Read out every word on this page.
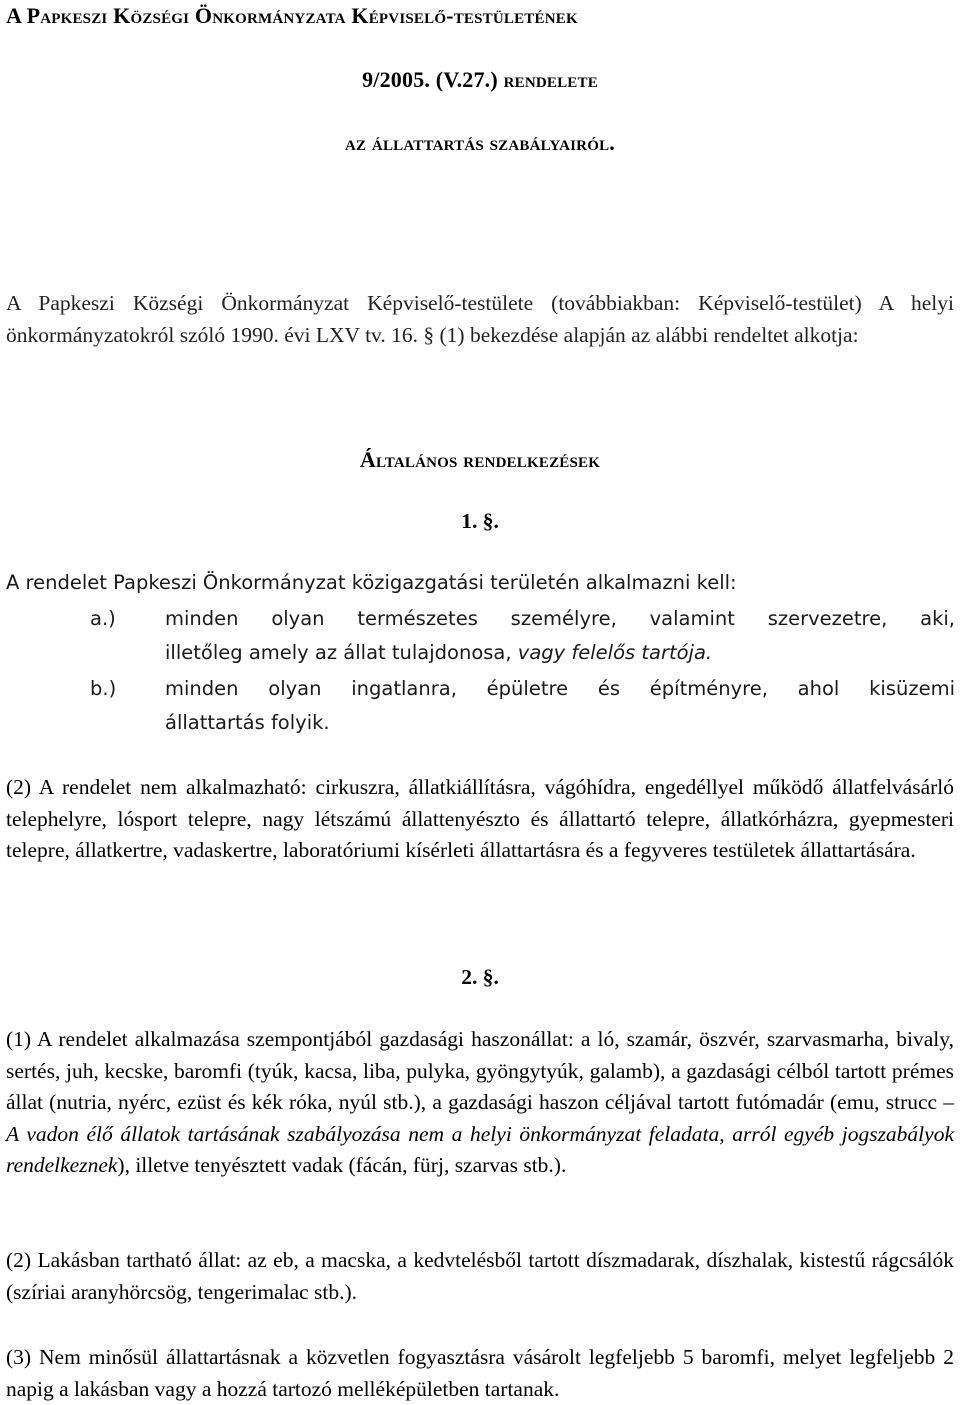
A Papkeszi Községi Önkormányzata Képviselő-testületének
9/2005. (V.27.) rendelete
az állattartás szabályairól.
A Papkeszi Községi Önkormányzat Képviselő-testülete (továbbiakban: Képviselő-testület) A helyi önkormányzatokról szóló 1990. évi LXV tv. 16. § (1) bekezdése alapján az alábbi rendeltet alkotja:
Általános rendelkezések
1. §.
A rendelet Papkeszi Önkormányzat közigazgatási területén alkalmazni kell:
a.)	minden olyan természetes személyre, valamint szervezetre, aki,
illetőleg amely az állat tulajdonosa, vagy felelős tartója.
b.)	minden olyan ingatlanra, épületre és építményre, ahol kisüzemi
állattartás folyik.
(2) A rendelet nem alkalmazható: cirkuszra, állatkiállításra, vágóhídra, engedéllyel működő állatfelvásárló telephelyre, lósport telepre, nagy létszámú állattenyészto és állattartó telepre, állatkórházra, gyepmesteri telepre, állatkertre, vadaskertre, laboratóriumi kísérleti állattartásra és a fegyveres testületek állattartására.
2. §.
(1) A rendelet alkalmazása szempontjából gazdasági haszonállat: a ló, szamár, öszvér, szarvasmarha, bivaly, sertés, juh, kecske, baromfi (tyúk, kacsa, liba, pulyka, gyöngytyúk, galamb), a gazdasági célból tartott prémes állat (nutria, nyérc, ezüst és kék róka, nyúl stb.), a gazdasági haszon céljával tartott futómadár (emu, strucc – A vadon élő állatok tartásának szabályozása nem a helyi önkormányzat feladata, arról egyéb jogszabályok rendelkeznek), illetve tenyésztett vadak (fácán, fürj, szarvas stb.).
(2) Lakásban tartható állat: az eb, a macska, a kedvtelésből tartott díszmadarak, díszhalak, kistestű rágcsálók (szíriai aranyhörcsög, tengerimalac stb.).
(3) Nem minősül állattartásnak a közvetlen fogyasztásra vásárolt legfeljebb 5 baromfi, melyet legfeljebb 2 napig a lakásban vagy a hozzá tartozó melléképületben tartanak.
